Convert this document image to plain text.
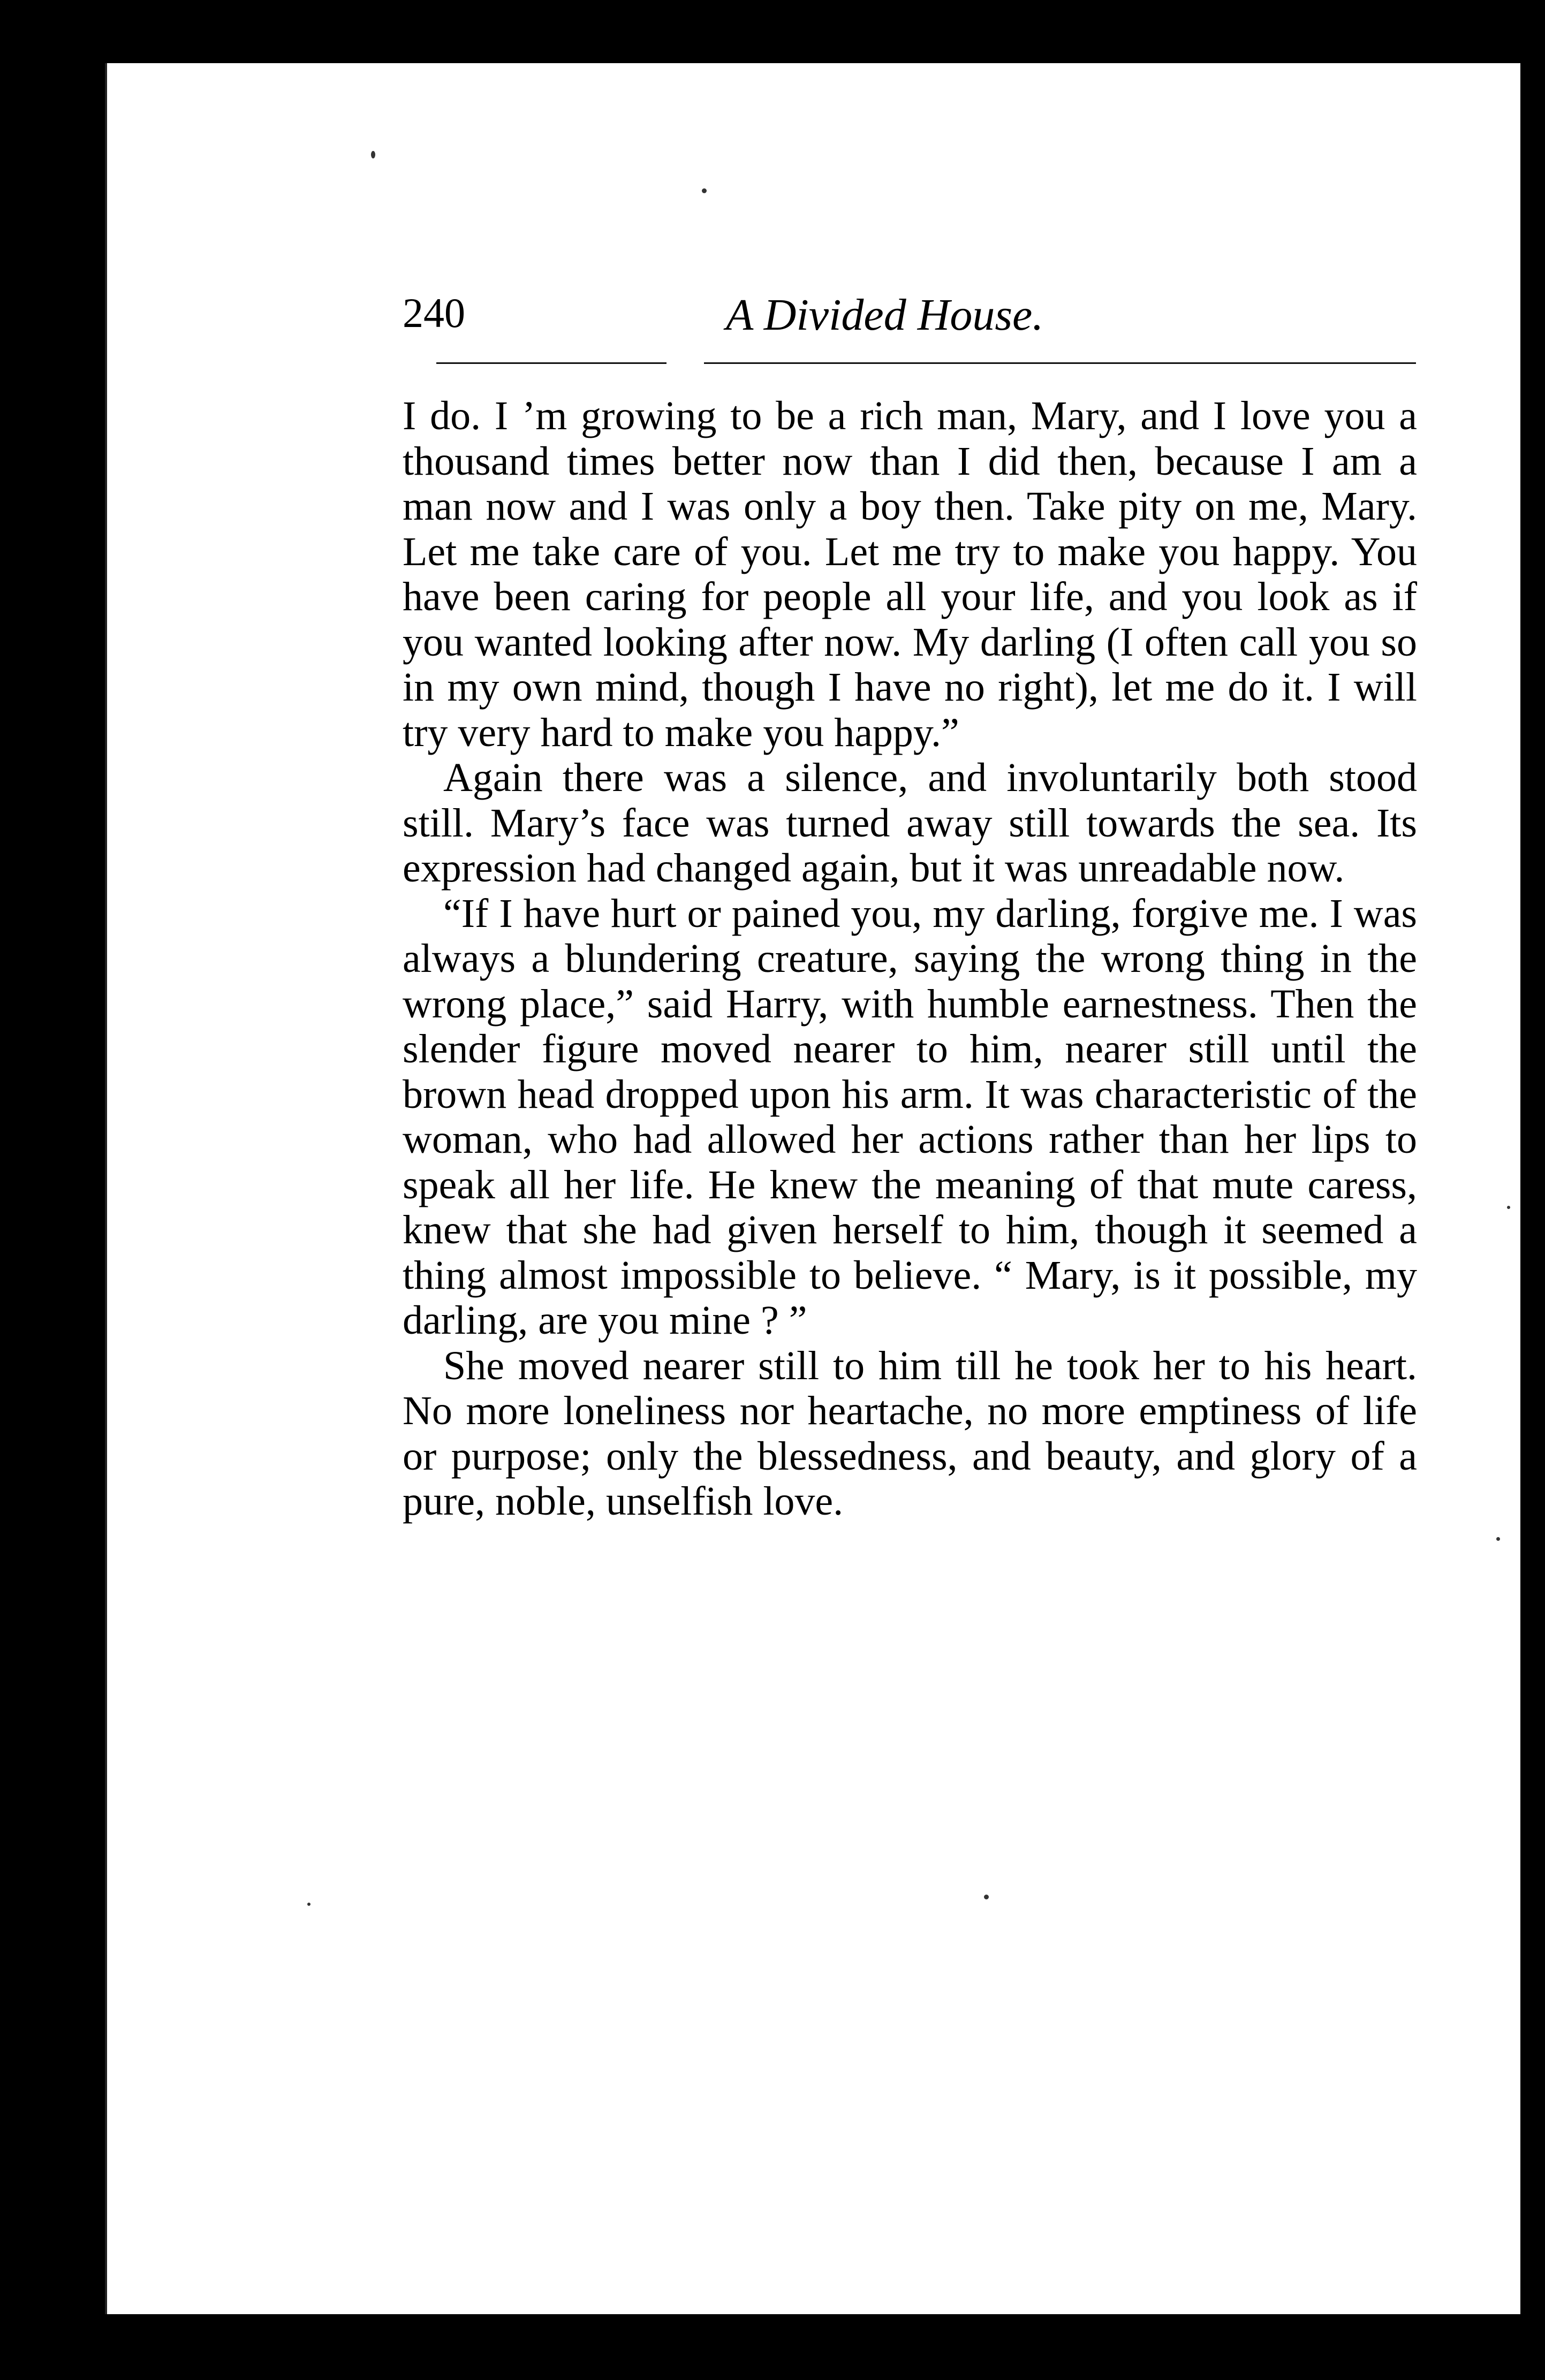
240	A Divided House.

I do. I ’m growing to be a rich man, Mary, and I love you a thousand times better now than I did then, because I am a man now and I was only a boy then. Take pity on me, Mary. Let me take care of you. Let me try to make you happy. You have been caring for people all your life, and you look as if you wanted looking after now. My darling (I often call you so in my own mind, though I have no right), let me do it. I will try very hard to make you happy.”

Again there was a silence, and involuntarily both stood still. Mary’s face was turned away still towards the sea. Its expression had changed again, but it was unreadable now.

“If I have hurt or pained you, my darling, forgive me. I was always a blundering creature, saying the wrong thing in the wrong place,” said Harry, with humble earnestness. Then the slender figure moved nearer to him, nearer still until the brown head dropped upon his arm. It was characteristic of the woman, who had allowed her actions rather than her lips to speak all her life. He knew the meaning of that mute caress, knew that she had given herself to him, though it seemed a thing almost impossible to believe. “ Mary, is it possible, my darling, are you mine ? ”

She moved nearer still to him till he took her to his heart. No more loneliness nor heartache, no more emptiness of life or purpose; only the blessedness, and beauty, and glory of a pure, noble, unselfish love.
